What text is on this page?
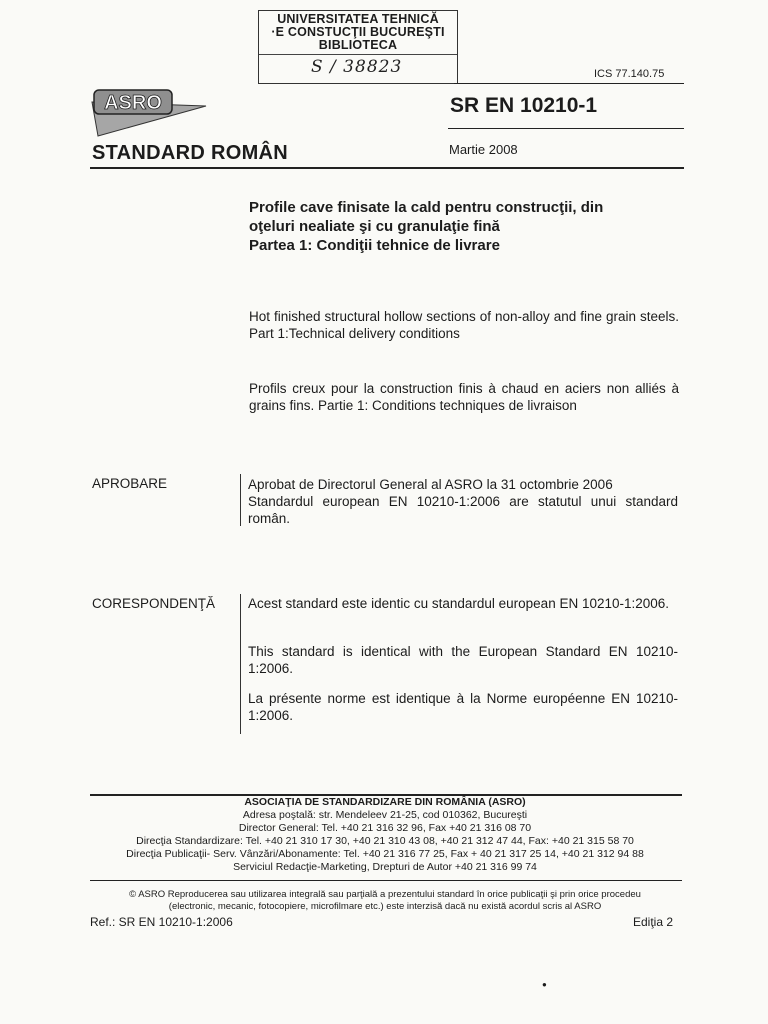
UNIVERSITATEA TEHNICĂ
·E CONSTUCŢII BUCUREŞTI
BIBLIOTECA
S / 38823	ICS 77.140.75
ASRO	SR EN 10210-1
STANDARD ROMÂN	Martie 2008
Profile cave finisate la cald pentru construcţii, din
oţeluri nealiate şi cu granulaţie fină
Partea 1: Condiţii tehnice de livrare
Hot finished structural hollow sections of non-alloy and fine grain steels. Part 1:Technical delivery conditions
Profils creux pour la construction finis à chaud en aciers non alliés à grains fins. Partie 1: Conditions techniques de livraison
APROBARE	Aprobat de Directorul General al ASRO la 31 octombrie 2006
Standardul european EN 10210-1:2006 are statutul unui standard român.
CORESPONDENŢĂ Acest standard este identic cu standardul european EN 10210-1:2006.
This standard is identical with the European Standard EN 10210-1:2006.
La présente norme est identique à la Norme européenne EN 10210-1:2006.
ASOCIAŢIA DE STANDARDIZARE DIN ROMÂNIA (ASRO)
Adresa poştală: str. Mendeleev 21-25, cod 010362, Bucureşti
Director General: Tel. +40 21 316 32 96, Fax +40 21 316 08 70
Direcţia Standardizare: Tel. +40 21 310 17 30, +40 21 310 43 08, +40 21 312 47 44, Fax: +40 21 315 58 70
Direcţia Publicaţii- Serv. Vânzări/Abonamente: Tel. +40 21 316 77 25, Fax + 40 21 317 25 14, +40 21 312 94 88
Serviciul Redacţie-Marketing, Drepturi de Autor +40 21 316 99 74
© ASRO Reproducerea sau utilizarea integrală sau parţială a prezentului standard în orice publicaţii şi prin orice procedeu
(electronic, mecanic, fotocopiere, microfilmare etc.) este interzisă dacă nu există acordul scris al ASRO
Ref.: SR EN 10210-1:2006	Ediţia 2
●
